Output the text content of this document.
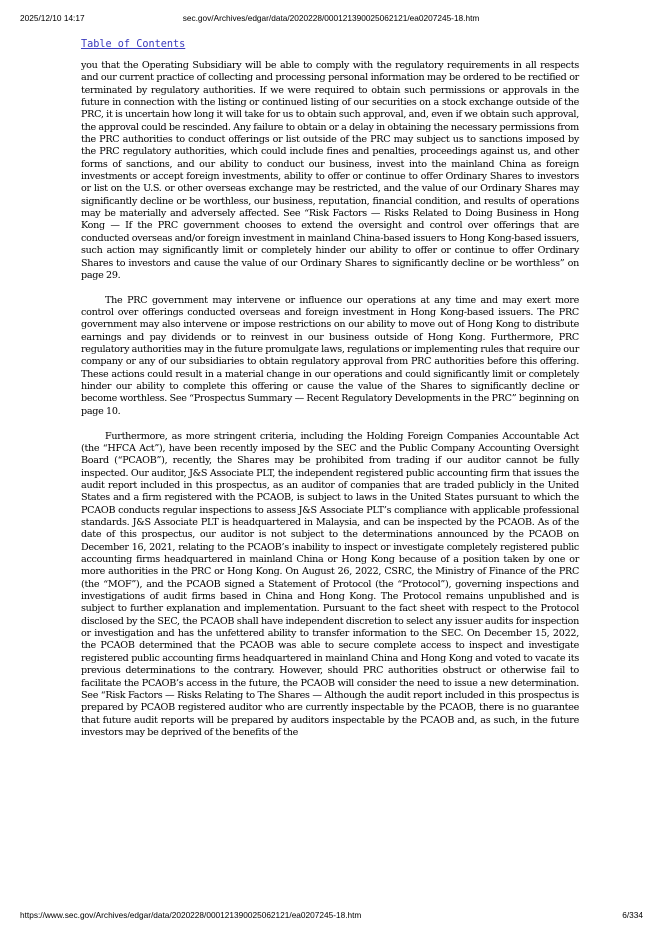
2025/12/10 14:17	sec.gov/Archives/edgar/data/2020228/000121390025062121/ea0207245-18.htm
Table of Contents

you that the Operating Subsidiary will be able to comply with the regulatory requirements in all respects and our current practice of collecting and processing personal information may be ordered to be rectified or terminated by regulatory authorities. If we were required to obtain such permissions or approvals in the future in connection with the listing or continued listing of our securities on a stock exchange outside of the PRC, it is uncertain how long it will take for us to obtain such approval, and, even if we obtain such approval, the approval could be rescinded. Any failure to obtain or a delay in obtaining the necessary permissions from the PRC authorities to conduct offerings or list outside of the PRC may subject us to sanctions imposed by the PRC regulatory authorities, which could include fines and penalties, proceedings against us, and other forms of sanctions, and our ability to conduct our business, invest into the mainland China as foreign investments or accept foreign investments, ability to offer or continue to offer Ordinary Shares to investors or list on the U.S. or other overseas exchange may be restricted, and the value of our Ordinary Shares may significantly decline or be worthless, our business, reputation, financial condition, and results of operations may be materially and adversely affected. See “Risk Factors — Risks Related to Doing Business in Hong Kong — If the PRC government chooses to extend the oversight and control over offerings that are conducted overseas and/or foreign investment in mainland China-based issuers to Hong Kong-based issuers, such action may significantly limit or completely hinder our ability to offer or continue to offer Ordinary Shares to investors and cause the value of our Ordinary Shares to significantly decline or be worthless” on page 29.

The PRC government may intervene or influence our operations at any time and may exert more control over offerings conducted overseas and foreign investment in Hong Kong-based issuers. The PRC government may also intervene or impose restrictions on our ability to move out of Hong Kong to distribute earnings and pay dividends or to reinvest in our business outside of Hong Kong. Furthermore, PRC regulatory authorities may in the future promulgate laws, regulations or implementing rules that require our company or any of our subsidiaries to obtain regulatory approval from PRC authorities before this offering. These actions could result in a material change in our operations and could significantly limit or completely hinder our ability to complete this offering or cause the value of the Shares to significantly decline or become worthless. See “Prospectus Summary — Recent Regulatory Developments in the PRC” beginning on page 10.

Furthermore, as more stringent criteria, including the Holding Foreign Companies Accountable Act (the “HFCA Act”), have been recently imposed by the SEC and the Public Company Accounting Oversight Board (“PCAOB”), recently, the Shares may be prohibited from trading if our auditor cannot be fully inspected. Our auditor, J&S Associate PLT, the independent registered public accounting firm that issues the audit report included in this prospectus, as an auditor of companies that are traded publicly in the United States and a firm registered with the PCAOB, is subject to laws in the United States pursuant to which the PCAOB conducts regular inspections to assess J&S Associate PLT’s compliance with applicable professional standards. J&S Associate PLT is headquartered in Malaysia, and can be inspected by the PCAOB. As of the date of this prospectus, our auditor is not subject to the determinations announced by the PCAOB on December 16, 2021, relating to the PCAOB’s inability to inspect or investigate completely registered public accounting firms headquartered in mainland China or Hong Kong because of a position taken by one or more authorities in the PRC or Hong Kong. On August 26, 2022, CSRC, the Ministry of Finance of the PRC (the “MOF”), and the PCAOB signed a Statement of Protocol (the “Protocol”), governing inspections and investigations of audit firms based in China and Hong Kong. The Protocol remains unpublished and is subject to further explanation and implementation. Pursuant to the fact sheet with respect to the Protocol disclosed by the SEC, the PCAOB shall have independent discretion to select any issuer audits for inspection or investigation and has the unfettered ability to transfer information to the SEC. On December 15, 2022, the PCAOB determined that the PCAOB was able to secure complete access to inspect and investigate registered public accounting firms headquartered in mainland China and Hong Kong and voted to vacate its previous determinations to the contrary. However, should PRC authorities obstruct or otherwise fail to facilitate the PCAOB’s access in the future, the PCAOB will consider the need to issue a new determination. See “Risk Factors — Risks Relating to The Shares — Although the audit report included in this prospectus is prepared by PCAOB registered auditor who are currently inspectable by the PCAOB, there is no guarantee that future audit reports will be prepared by auditors inspectable by the PCAOB and, as such, in the future investors may be deprived of the benefits of the

https://www.sec.gov/Archives/edgar/data/2020228/000121390025062121/ea0207245-18.htm	6/334
